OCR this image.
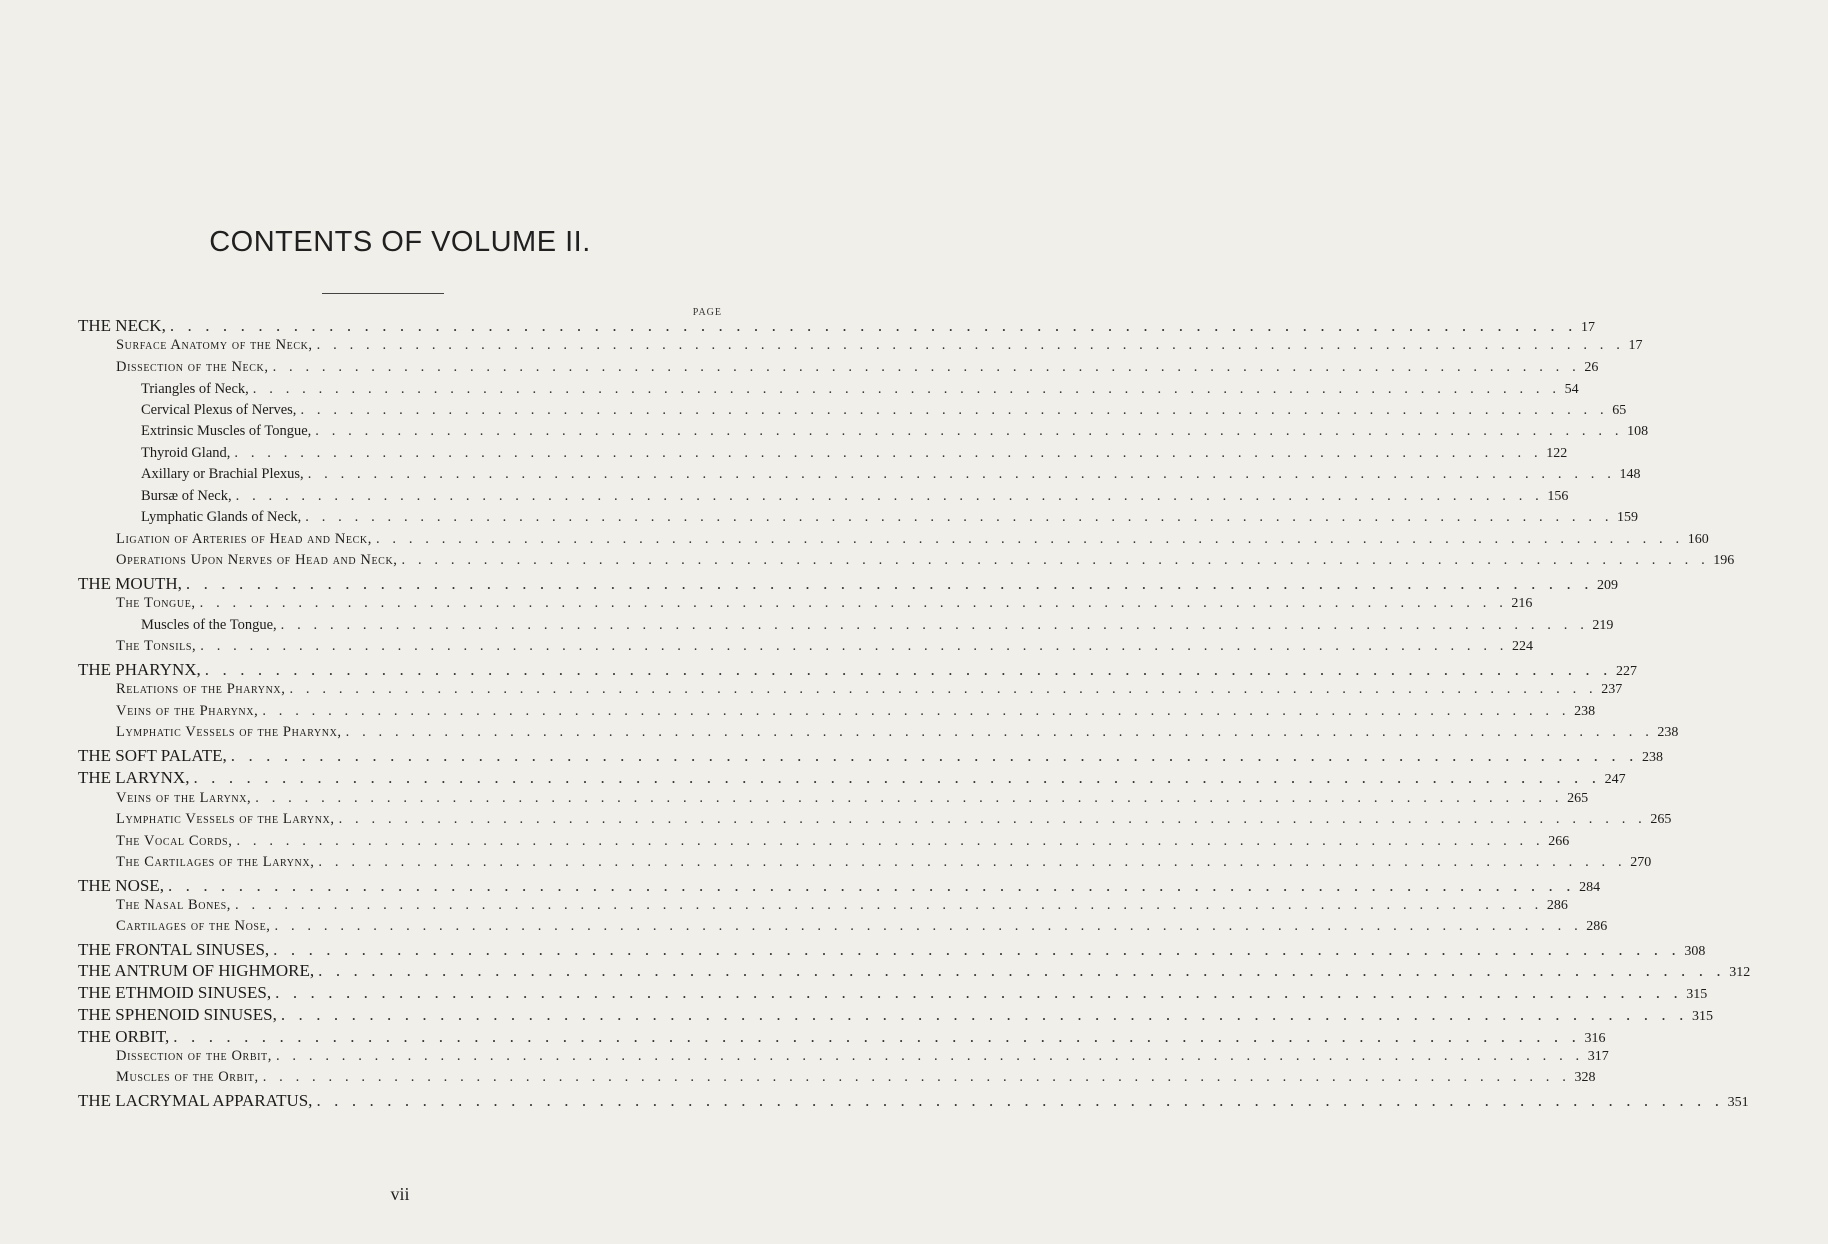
CONTENTS OF VOLUME II.
PAGE
THE NECK, . . . . . . . . . . . . . . . . . . . . . . . . . . . . . . . . . . . . . . . . . . . . . . . . . . . . . . . . . . . . . . . . . . . . . . . . . . . . . . . . 17
Surface Anatomy of the Neck, . . . . . . . . . . . . . . . . . . . . . . . . . . . . . . . . . . . . . . . . . . . . . . . . . . . . . . . . . . . . . . . . . . . . . . . . . . . . . . . . 17
Dissection of the Neck, . . . . . . . . . . . . . . . . . . . . . . . . . . . . . . . . . . . . . . . . . . . . . . . . . . . . . . . . . . . . . . . . . . . . . . . . . . . . . . . . 26
Triangles of Neck, . . . . . . . . . . . . . . . . . . . . . . . . . . . . . . . . . . . . . . . . . . . . . . . . . . . . . . . . . . . . . . . . . . . . . . . . . . . . . . . . 54
Cervical Plexus of Nerves, . . . . . . . . . . . . . . . . . . . . . . . . . . . . . . . . . . . . . . . . . . . . . . . . . . . . . . . . . . . . . . . . . . . . . . . . . . . . . . . . 65
Extrinsic Muscles of Tongue, . . . . . . . . . . . . . . . . . . . . . . . . . . . . . . . . . . . . . . . . . . . . . . . . . . . . . . . . . . . . . . . . . . . . . . . . . . . . . . . . 108
Thyroid Gland, . . . . . . . . . . . . . . . . . . . . . . . . . . . . . . . . . . . . . . . . . . . . . . . . . . . . . . . . . . . . . . . . . . . . . . . . . . . . . . . . 122
Axillary or Brachial Plexus, . . . . . . . . . . . . . . . . . . . . . . . . . . . . . . . . . . . . . . . . . . . . . . . . . . . . . . . . . . . . . . . . . . . . . . . . . . . . . . . . 148
Bursæ of Neck, . . . . . . . . . . . . . . . . . . . . . . . . . . . . . . . . . . . . . . . . . . . . . . . . . . . . . . . . . . . . . . . . . . . . . . . . . . . . . . . . 156
Lymphatic Glands of Neck, . . . . . . . . . . . . . . . . . . . . . . . . . . . . . . . . . . . . . . . . . . . . . . . . . . . . . . . . . . . . . . . . . . . . . . . . . . . . . . . . 159
Ligation of Arteries of Head and Neck, . . . . . . . . . . . . . . . . . . . . . . . . . . . . . . . . . . . . . . . . . . . . . . . . . . . . . . . . . . . . . . . . . . . . . . . . . . . . . . . . 160
Operations Upon Nerves of Head and Neck, . . . . . . . . . . . . . . . . . . . . . . . . . . . . . . . . . . . . . . . . . . . . . . . . . . . . . . . . . . . . . . . . . . . . . . . . . . . . . . . . 196
THE MOUTH, . . . . . . . . . . . . . . . . . . . . . . . . . . . . . . . . . . . . . . . . . . . . . . . . . . . . . . . . . . . . . . . . . . . . . . . . . . . . . . . . 209
The Tongue, . . . . . . . . . . . . . . . . . . . . . . . . . . . . . . . . . . . . . . . . . . . . . . . . . . . . . . . . . . . . . . . . . . . . . . . . . . . . . . . . 216
Muscles of the Tongue, . . . . . . . . . . . . . . . . . . . . . . . . . . . . . . . . . . . . . . . . . . . . . . . . . . . . . . . . . . . . . . . . . . . . . . . . . . . . . . . . 219
The Tonsils, . . . . . . . . . . . . . . . . . . . . . . . . . . . . . . . . . . . . . . . . . . . . . . . . . . . . . . . . . . . . . . . . . . . . . . . . . . . . . . . . 224
THE PHARYNX, . . . . . . . . . . . . . . . . . . . . . . . . . . . . . . . . . . . . . . . . . . . . . . . . . . . . . . . . . . . . . . . . . . . . . . . . . . . . . . . . 227
Relations of the Pharynx, . . . . . . . . . . . . . . . . . . . . . . . . . . . . . . . . . . . . . . . . . . . . . . . . . . . . . . . . . . . . . . . . . . . . . . . . . . . . . . . . 237
Veins of the Pharynx, . . . . . . . . . . . . . . . . . . . . . . . . . . . . . . . . . . . . . . . . . . . . . . . . . . . . . . . . . . . . . . . . . . . . . . . . . . . . . . . . 238
Lymphatic Vessels of the Pharynx, . . . . . . . . . . . . . . . . . . . . . . . . . . . . . . . . . . . . . . . . . . . . . . . . . . . . . . . . . . . . . . . . . . . . . . . . . . . . . . . . 238
THE SOFT PALATE, . . . . . . . . . . . . . . . . . . . . . . . . . . . . . . . . . . . . . . . . . . . . . . . . . . . . . . . . . . . . . . . . . . . . . . . . . . . . . . . . 238
THE LARYNX, . . . . . . . . . . . . . . . . . . . . . . . . . . . . . . . . . . . . . . . . . . . . . . . . . . . . . . . . . . . . . . . . . . . . . . . . . . . . . . . . 247
Veins of the Larynx, . . . . . . . . . . . . . . . . . . . . . . . . . . . . . . . . . . . . . . . . . . . . . . . . . . . . . . . . . . . . . . . . . . . . . . . . . . . . . . . . 265
Lymphatic Vessels of the Larynx, . . . . . . . . . . . . . . . . . . . . . . . . . . . . . . . . . . . . . . . . . . . . . . . . . . . . . . . . . . . . . . . . . . . . . . . . . . . . . . . . 265
The Vocal Cords, . . . . . . . . . . . . . . . . . . . . . . . . . . . . . . . . . . . . . . . . . . . . . . . . . . . . . . . . . . . . . . . . . . . . . . . . . . . . . . . . 266
The Cartilages of the Larynx, . . . . . . . . . . . . . . . . . . . . . . . . . . . . . . . . . . . . . . . . . . . . . . . . . . . . . . . . . . . . . . . . . . . . . . . . . . . . . . . . 270
THE NOSE, . . . . . . . . . . . . . . . . . . . . . . . . . . . . . . . . . . . . . . . . . . . . . . . . . . . . . . . . . . . . . . . . . . . . . . . . . . . . . . . . 284
The Nasal Bones, . . . . . . . . . . . . . . . . . . . . . . . . . . . . . . . . . . . . . . . . . . . . . . . . . . . . . . . . . . . . . . . . . . . . . . . . . . . . . . . . 286
Cartilages of the Nose, . . . . . . . . . . . . . . . . . . . . . . . . . . . . . . . . . . . . . . . . . . . . . . . . . . . . . . . . . . . . . . . . . . . . . . . . . . . . . . . . 286
THE FRONTAL SINUSES, . . . . . . . . . . . . . . . . . . . . . . . . . . . . . . . . . . . . . . . . . . . . . . . . . . . . . . . . . . . . . . . . . . . . . . . . . . . . . . . . 308
THE ANTRUM OF HIGHMORE, . . . . . . . . . . . . . . . . . . . . . . . . . . . . . . . . . . . . . . . . . . . . . . . . . . . . . . . . . . . . . . . . . . . . . . . . . . . . . . . . 312
THE ETHMOID SINUSES, . . . . . . . . . . . . . . . . . . . . . . . . . . . . . . . . . . . . . . . . . . . . . . . . . . . . . . . . . . . . . . . . . . . . . . . . . . . . . . . . 315
THE SPHENOID SINUSES, . . . . . . . . . . . . . . . . . . . . . . . . . . . . . . . . . . . . . . . . . . . . . . . . . . . . . . . . . . . . . . . . . . . . . . . . . . . . . . . . 315
THE ORBIT, . . . . . . . . . . . . . . . . . . . . . . . . . . . . . . . . . . . . . . . . . . . . . . . . . . . . . . . . . . . . . . . . . . . . . . . . . . . . . . . . 316
Dissection of the Orbit, . . . . . . . . . . . . . . . . . . . . . . . . . . . . . . . . . . . . . . . . . . . . . . . . . . . . . . . . . . . . . . . . . . . . . . . . . . . . . . . . 317
Muscles of the Orbit, . . . . . . . . . . . . . . . . . . . . . . . . . . . . . . . . . . . . . . . . . . . . . . . . . . . . . . . . . . . . . . . . . . . . . . . . . . . . . . . . 328
THE LACRYMAL APPARATUS, . . . . . . . . . . . . . . . . . . . . . . . . . . . . . . . . . . . . . . . . . . . . . . . . . . . . . . . . . . . . . . . . . . . . . . . . . . . . . . . . 351
vii
